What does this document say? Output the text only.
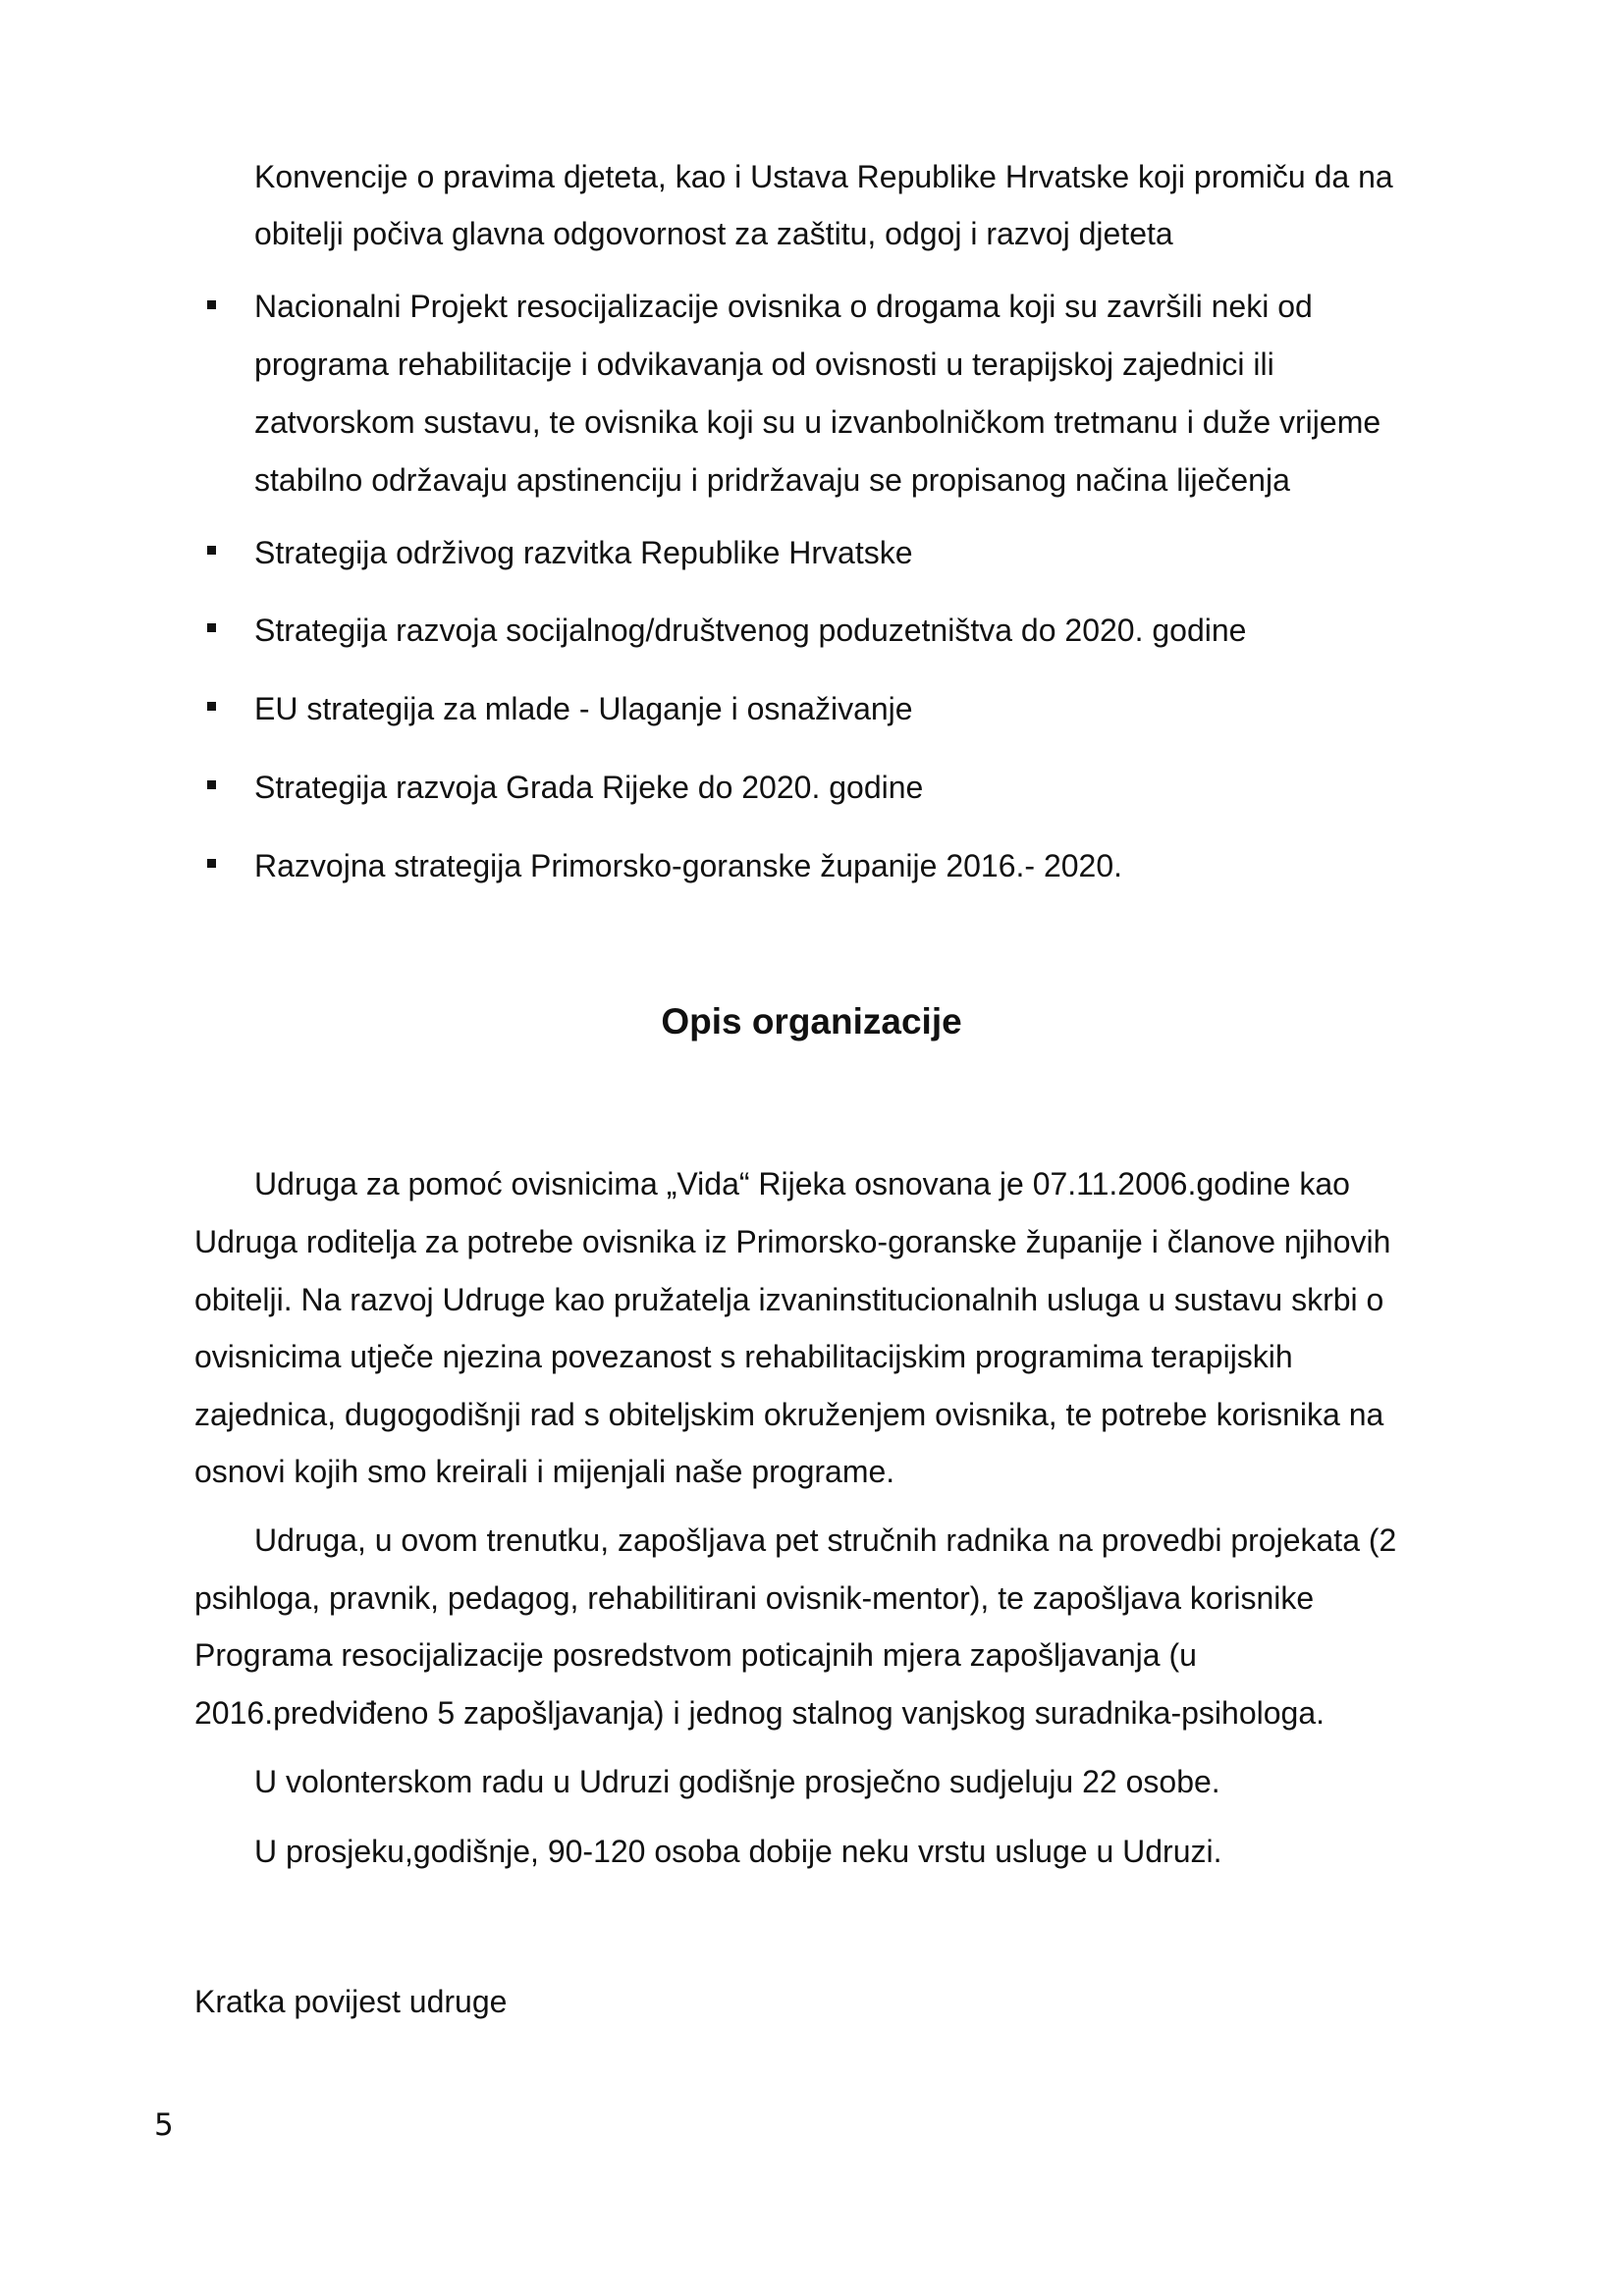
Konvencije o pravima djeteta, kao i Ustava Republike Hrvatske koji promiču da na

obitelji počiva glavna odgovornost za zaštitu, odgoj i razvoj djeteta

Nacionalni Projekt resocijalizacije ovisnika o drogama koji su završili neki od

programa rehabilitacije i odvikavanja od ovisnosti u terapijskoj zajednici ili

zatvorskom sustavu, te ovisnika koji su u izvanbolničkom tretmanu i duže vrijeme

stabilno održavaju apstinenciju i pridržavaju se propisanog načina liječenja

Strategija održivog razvitka Republike Hrvatske

Strategija razvoja socijalnog/društvenog poduzetništva do 2020. godine

EU strategija za mlade - Ulaganje i osnaživanje

Strategija razvoja Grada Rijeke do 2020. godine

Razvojna strategija Primorsko-goranske županije 2016.- 2020.

Opis organizacije

Udruga za pomoć ovisnicima „Vida“ Rijeka osnovana je 07.11.2006.godine kao

Udruga roditelja za potrebe ovisnika iz Primorsko-goranske županije i članove njihovih

obitelji. Na razvoj Udruge kao pružatelja izvaninstitucionalnih usluga u sustavu skrbi o

ovisnicima utječe njezina povezanost s rehabilitacijskim programima terapijskih

zajednica, dugogodišnji rad s obiteljskim okruženjem ovisnika, te potrebe korisnika na

osnovi kojih smo kreirali i mijenjali naše programe.

Udruga, u ovom trenutku, zapošljava pet stručnih radnika na provedbi projekata (2

psihloga, pravnik, pedagog, rehabilitirani ovisnik-mentor), te zapošljava korisnike

Programa resocijalizacije posredstvom poticajnih mjera zapošljavanja (u

2016.predviđeno 5 zapošljavanja) i jednog stalnog vanjskog suradnika-psihologa.

U volonterskom radu u Udruzi godišnje prosječno sudjeluju 22 osobe.

U prosjeku,godišnje, 90-120 osoba dobije neku vrstu usluge u Udruzi.

Kratka povijest udruge

5
